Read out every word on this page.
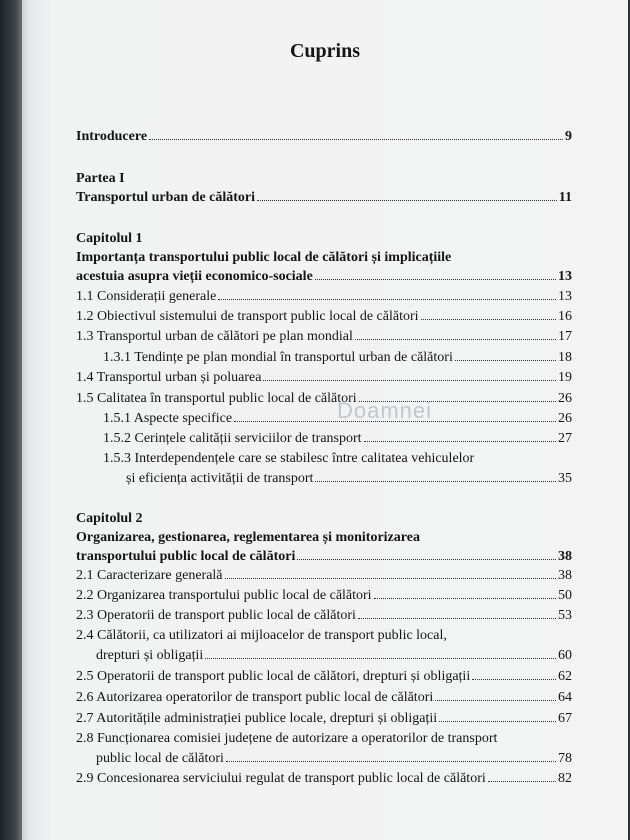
Cuprins
Introducere	9
Partea I
Transportul urban de călători	11
Capitolul 1
Importanța transportului public local de călători și implicațiile
acestuia asupra vieții economico-sociale	13
1.1 Considerații generale	13
1.2 Obiectivul sistemului de transport public local de călători	16
1.3 Transportul urban de călători pe plan mondial	17
1.3.1 Tendințe pe plan mondial în transportul urban de călători	18
1.4 Transportul urban și poluarea	19
1.5 Calitatea în transportul public local de călători	26
1.5.1 Aspecte specifice	26
1.5.2 Cerințele calității serviciilor de transport	27
1.5.3 Interdependențele care se stabilesc între calitatea vehiculelor
și eficiența activității de transport	35
Doamnei
Capitolul 2
Organizarea, gestionarea, reglementarea și monitorizarea
transportului public local de călători	38
2.1 Caracterizare generală	38
2.2 Organizarea transportului public local de călători	50
2.3 Operatorii de transport public local de călători	53
2.4 Călătorii, ca utilizatori ai mijloacelor de transport public local,
drepturi și obligații	60
2.5 Operatorii de transport public local de călători, drepturi și obligații	62
2.6 Autorizarea operatorilor de transport public local de călători	64
2.7 Autoritățile administrației publice locale, drepturi și obligații	67
2.8 Funcționarea comisiei județene de autorizare a operatorilor de transport
public local de călători	78
2.9 Concesionarea serviciului regulat de transport public local de călători	82
